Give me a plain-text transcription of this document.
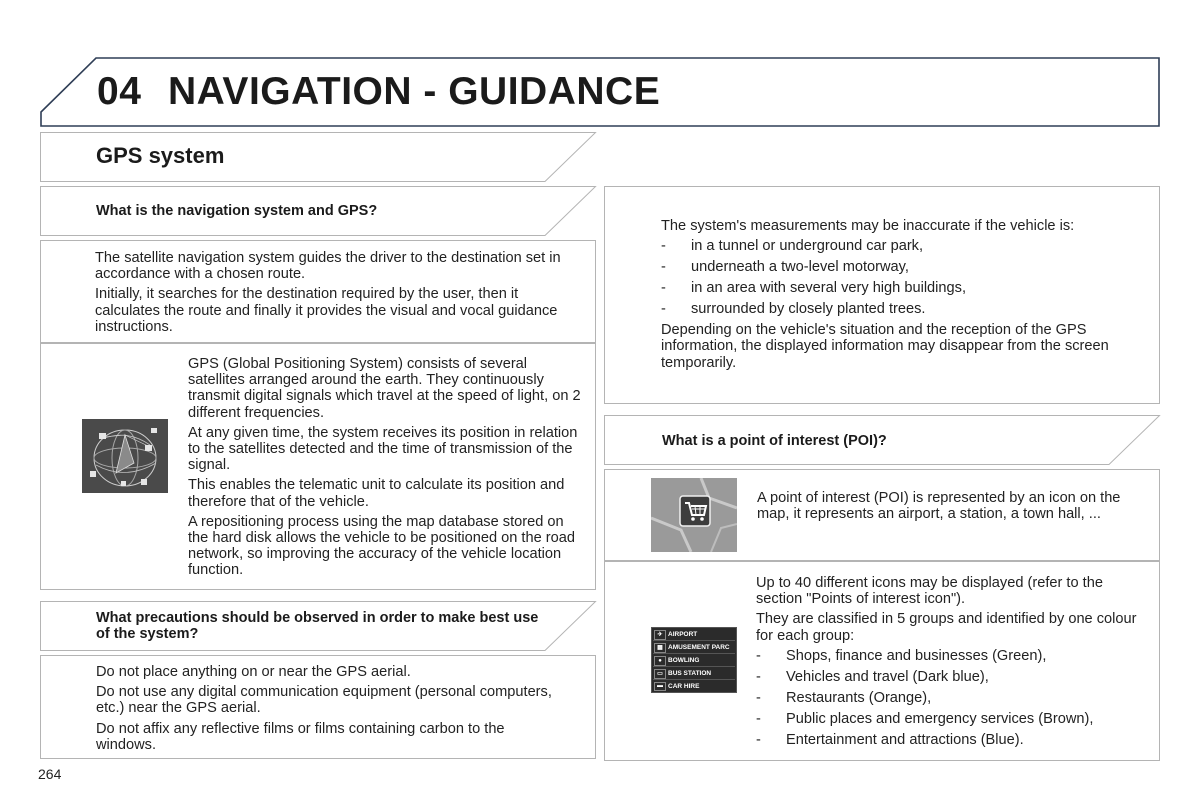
04 NAVIGATION - GUIDANCE
GPS system
What is the navigation system and GPS?

The satellite navigation system guides the driver to the destination set in accordance with a chosen route.

Initially, it searches for the destination required by the user, then it calculates the route and finally it provides the visual and vocal guidance instructions.

GPS (Global Positioning System) consists of several satellites arranged around the earth. They continuously transmit digital signals which travel at the speed of light, on 2 different frequencies.

At any given time, the system receives its position in relation to the satellites detected and the time of transmission of the signal.

This enables the telematic unit to calculate its position and therefore that of the vehicle.

A repositioning process using the map database stored on the hard disk allows the vehicle to be positioned on the road network, so improving the accuracy of the vehicle location function.

What precautions should be observed in order to make best use of the system?

Do not place anything on or near the GPS aerial.

Do not use any digital communication equipment (personal computers, etc.) near the GPS aerial.

Do not affix any reflective films or films containing carbon to the windows.

The system's measurements may be inaccurate if the vehicle is:

- in a tunnel or underground car park,
- underneath a two-level motorway,
- in an area with several very high buildings,
- surrounded by closely planted trees.

Depending on the vehicle's situation and the reception of the GPS information, the displayed information may disappear from the screen temporarily.

What is a point of interest (POI)?

A point of interest (POI) is represented by an icon on the map, it represents an airport, a station, a town hall, ...

✈ AIRPORT
▦ AMUSEMENT PARC
● BOWLING
▭ BUS STATION
▬ CAR HIRE

Up to 40 different icons may be displayed (refer to the section "Points of interest icon").

They are classified in 5 groups and identified by one colour for each group:

- Shops, finance and businesses (Green),
- Vehicles and travel (Dark blue),
- Restaurants (Orange),
- Public places and emergency services (Brown),
- Entertainment and attractions (Blue).
264
